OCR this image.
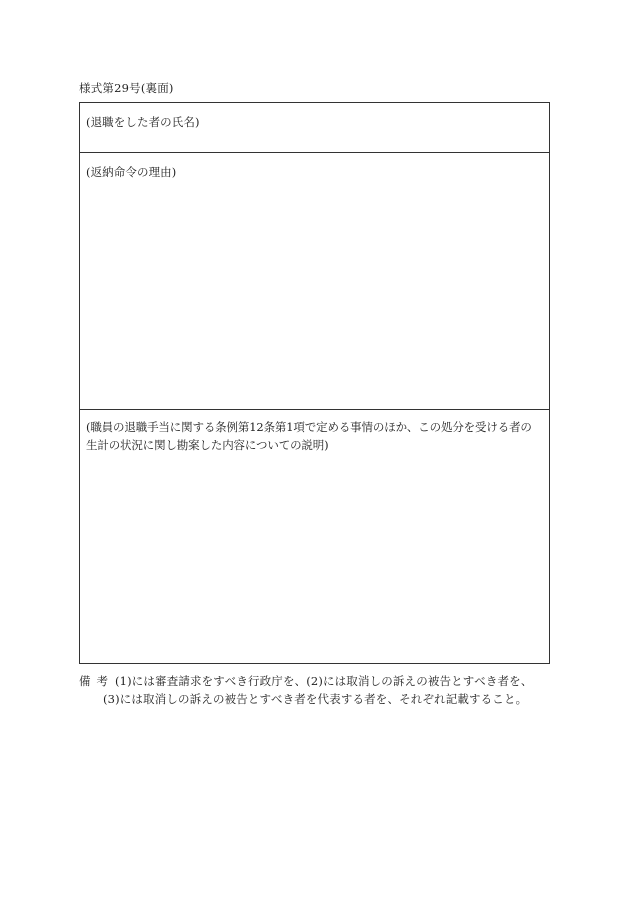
様式第29号(裏面)
(退職をした者の氏名)
(返納命令の理由)
(職員の退職手当に関する条例第12条第1項で定める事情のほか、この処分を受ける者の生計の状況に関し勘案した内容についての説明)
備考 (1)には審査請求をすべき行政庁を、(2)には取消しの訴えの被告とすべき者を、
(3)には取消しの訴えの被告とすべき者を代表する者を、それぞれ記載すること。
